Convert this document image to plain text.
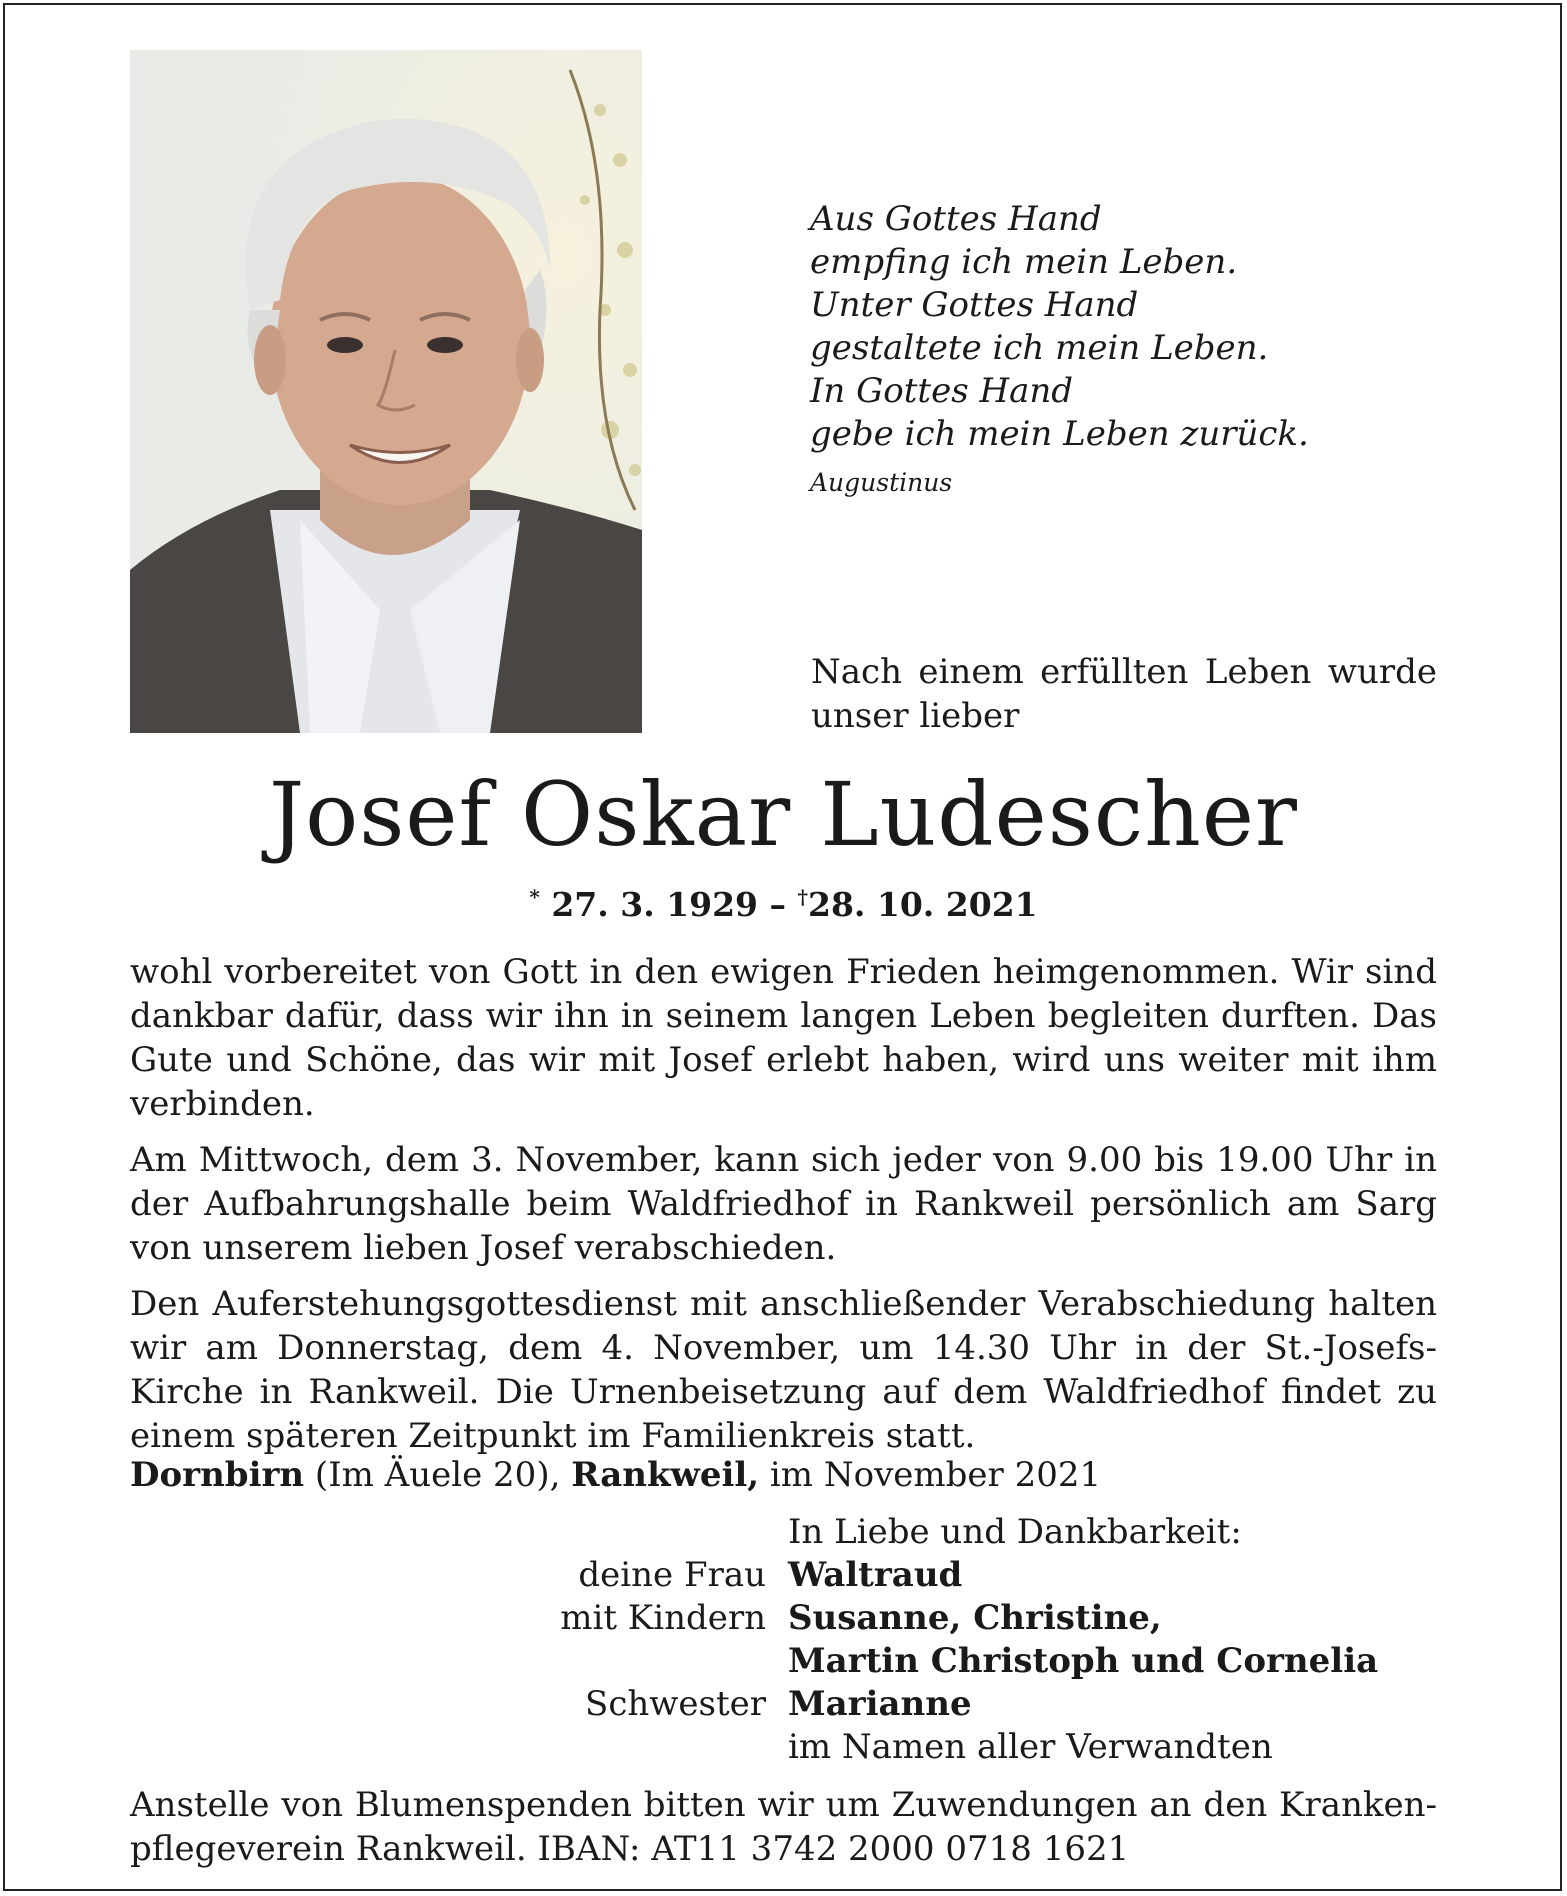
Aus Gottes Hand
empfing ich mein Leben.
Unter Gottes Hand
gestaltete ich mein Leben.
In Gottes Hand
gebe ich mein Leben zurück.
Augustinus
Nach einem erfüllten Leben wurde unser lieber
Josef Oskar Ludescher
* 27. 3. 1929 – †28. 10. 2021

wohl vorbereitet von Gott in den ewigen Frieden heimgenommen. Wir sind dankbar dafür, dass wir ihn in seinem langen Leben begleiten durften. Das Gute und Schöne, das wir mit Josef erlebt haben, wird uns weiter mit ihm verbinden.

Am Mittwoch, dem 3. November, kann sich jeder von 9.00 bis 19.00 Uhr in der Aufbahrungshalle beim Waldfriedhof in Rankweil persönlich am Sarg von unserem lieben Josef verabschieden.

Den Auferstehungsgottesdienst mit anschließender Verabschiedung halten wir am Donnerstag, dem 4. November, um 14.30 Uhr in der St.-Josefs-Kirche in Rankweil. Die Urnenbeisetzung auf dem Waldfriedhof findet zu einem späteren Zeitpunkt im Familienkreis statt.

Dornbirn (Im Äuele 20), Rankweil, im November 2021
In Liebe und Dankbarkeit:
deine Frau Waltraud
mit Kindern Susanne, Christine,
Martin Christoph und Cornelia
Schwester Marianne
im Namen aller Verwandten
Anstelle von Blumenspenden bitten wir um Zuwendungen an den Kranken-pflegeverein Rankweil. IBAN: AT11 3742 2000 0718 1621
